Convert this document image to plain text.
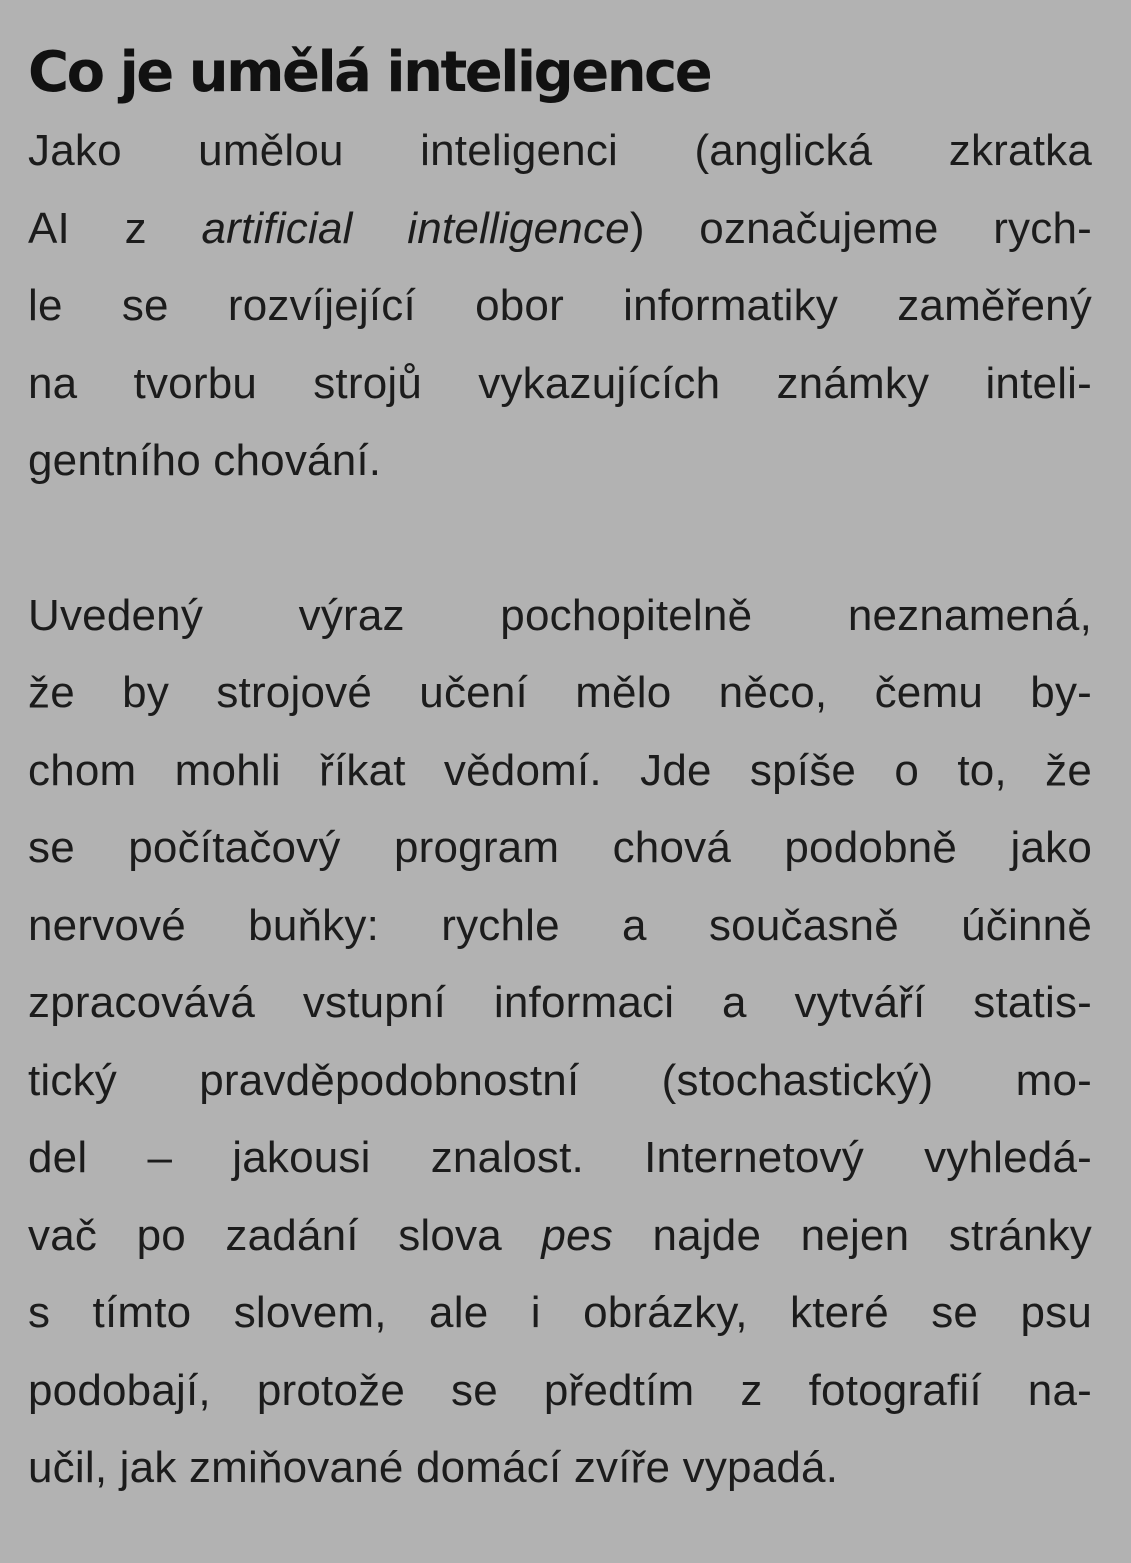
Co je umělá inteligence
Jako umělou inteligenci (anglická zkratka
AI z artificial intelligence) označujeme rych-
le se rozvíjející obor informatiky zaměřený
na tvorbu strojů vykazujících známky inteli-
gentního chování.
Uvedený výraz pochopitelně neznamená,
že by strojové učení mělo něco, čemu by-
chom mohli říkat vědomí. Jde spíše o to, že
se počítačový program chová podobně jako
nervové buňky: rychle a současně účinně
zpracovává vstupní informaci a vytváří statis-
tický pravděpodobnostní (stochastický) mo-
del – jakousi znalost. Internetový vyhledá-
vač po zadání slova pes najde nejen stránky
s tímto slovem, ale i obrázky, které se psu
podobají, protože se předtím z fotografií na-
učil, jak zmiňované domácí zvíře vypadá.
